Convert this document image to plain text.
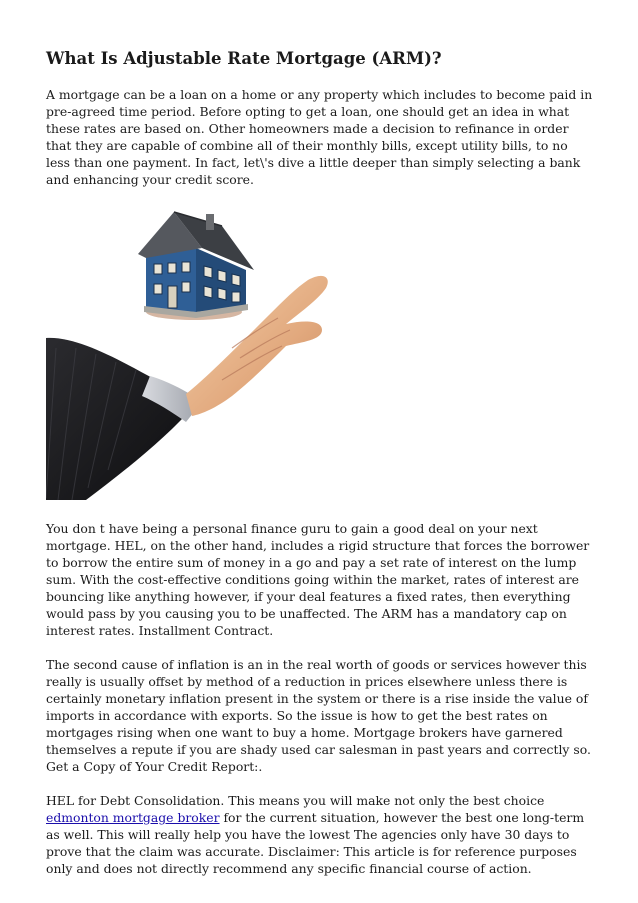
What Is Adjustable Rate Mortgage (ARM)?

A mortgage can be a loan on a home or any property which includes to become paid in pre-agreed time period. Before opting to get a loan, one should get an idea in what these rates are based on. Other homeowners made a decision to refinance in order that they are capable of combine all of their monthly bills, except utility bills, to no less than one payment. In fact, let\'s dive a little deeper than simply selecting a bank and enhancing your credit score.

You don t have being a personal finance guru to gain a good deal on your next mortgage. HEL, on the other hand, includes a rigid structure that forces the borrower to borrow the entire sum of money in a go and pay a set rate of interest on the lump sum. With the cost-effective conditions going within the market, rates of interest are bouncing like anything however, if your deal features a fixed rates, then everything would pass by you causing you to be unaffected. The ARM has a mandatory cap on interest rates. Installment Contract.

The second cause of inflation is an in the real worth of goods or services however this really is usually offset by method of a reduction in prices elsewhere unless there is certainly monetary inflation present in the system or there is a rise inside the value of imports in accordance with exports. So the issue is how to get the best rates on mortgages rising when one want to buy a home. Mortgage brokers have garnered themselves a repute if you are shady used car salesman in past years and correctly so. Get a Copy of Your Credit Report:.

HEL for Debt Consolidation. This means you will make not only the best choice edmonton mortgage broker for the current situation, however the best one long-term as well. This will really help you have the lowest The agencies only have 30 days to prove that the claim was accurate. Disclaimer: This article is for reference purposes only and does not directly recommend any specific financial course of action.
